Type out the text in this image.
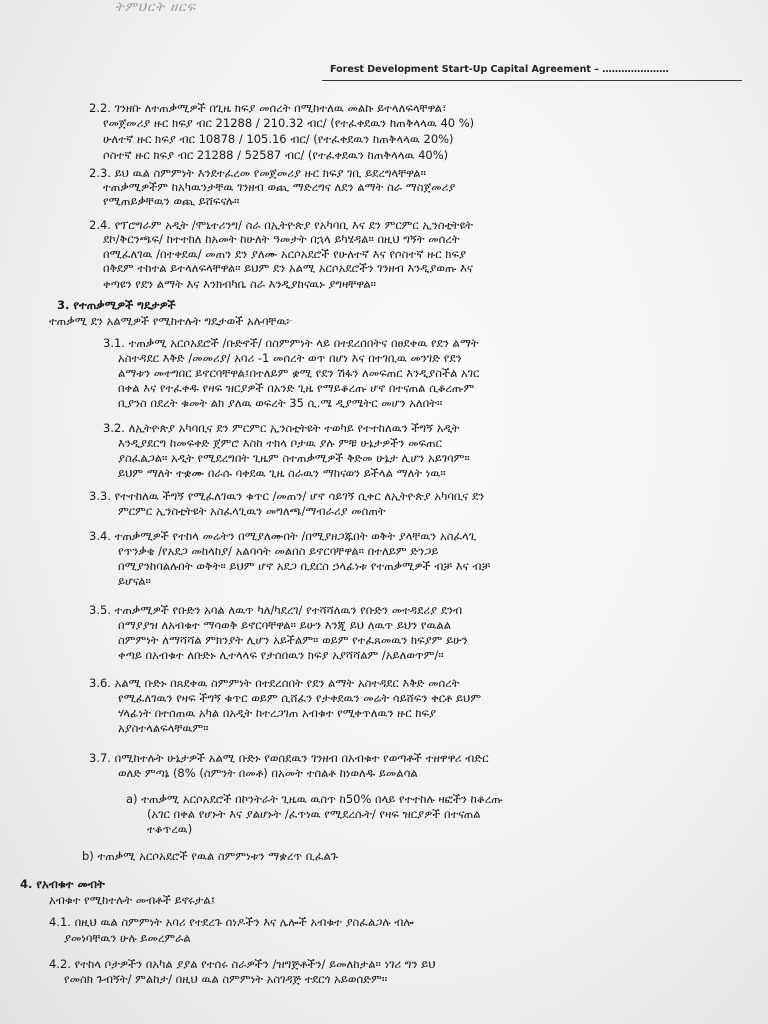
ትምህርት ዘርፍ
Forest Development Start-Up Capital Agreement – …………………
2.2. ገንዘቡ ለተጠቃሚዎች በጊዜ ክፍያ መሰረት በሚከተለዉ መልኩ ይተላለፍላቸዋል፣
የመጀመሪያ ዙር ክፍያ ብር 21288 / 210.32 ብር/ (የተፈቀደዉን ከጠቅላላዉ 40 %)
ሁለተኛ ዙር ክፍያ ብር 10878 / 105.16 ብር/ (የተፈቀደዉን ከጠቅላላዉ 20%)
ሶስተኛ ዙር ክፍያ ብር 21288 / 52587 ብር/ (የተፈቀደዉን ከጠቅላላዉ 40%)
2.3. ይህ ዉል ስምምነት እንደተፈረመ የመጀመሪያ ዙር ክፍያ ገቢ ይደረግላቸዋል።
ተጠቃሚዎችም ከአካዉንታቸዉ ገንዘብ ወጪ ማድረግና ለደን ልማት ስራ ማስጀመሪያ
የሚጠይቃቸዉን ወጪ ይሸፍናሉ።
2.4. የፕሮግራም አዲት /ሞኒተሪንግ/ ስራ በኢትዮጵያ የአካባቢ እና ደን ምርምር ኢንስቲትዩት
ደኮ/ቅርንጫፍ/ ከተተከለ ከአመት ከሁለት ዓመታት በኋላ ይካሄዳል። በዚህ ግኝት መሰረት
በሚፈለገዉ /በተቀደዉ/ መጠን ደን ያለሙ አርሶአደሮች የሁለተኛ እና የሶስተኛ ዙር ክፍያ
በቅደም ተከተል ይተላለፍላቸዋል። ይህም ደን አልሚ አርሶአደሮችን ገንዘብ እንዲያወጡ እና
ቀጣዩን የደን ልማት እና እንክብካቤ ስራ እንዲያከናዉኑ ያግዛቸዋል።
3. የተጠቃሚዎች ግዴታዎች
ተጠቃሚ ደን አልሚዎች የሚከተሉት ግዴታወች አሉባቸዉ፦
3.1. ተጠቃሚ አርሶአደሮች /ቡድኖች/ በስምምነት ላይ በተደረሰበትና በፀደቀዉ የደን ልማት
አስተዳደር እቅድ /መመሪያ/ አባሪ -1 መሰረት ወጥ በሆነ እና በተገቢዉ መንገድ የደን
ልማቱን መተግበር ይኖርባቸዋል፤በተለይም ቋሚ የደን ሽፋን ለመፍጠር እንዲያስችል አገር
በቀል እና የተፈቀዱ የዛፍ ዝርያዎች በአንድ ጊዜ የማይቆረጡ ሆኖ በተናጠል ሲቆረጡም
ቢያንስ በደረት ቁመት ልክ ያለዉ ወፍረት 35 ሲ.ሜ ዲያሜትር መሆን አለበት።
3.2. ለኢትዮጵያ አካባቢና ደን ምርምር ኢንስቲትዩት ተወካይ የተተከለዉን ችግኝ አዲት
እንዲያደርግ ከመፍቀድ ጀምሮ እስከ ተክላ ቦታዉ ያሉ ምቹ ሁኔታዎችን መፍጠር
ያስፈልጋል። አዲት የሚደረግበት ጊዜም ስተጠቃሚዎች ቅድመ ሁኔታ ሊሆን አይገባም።
ይህም ማለት ተቋሙ በራሱ ባቀደዉ ጊዜ ስራዉን ማከናወን ይችላል ማለት ነዉ።
3.3. የተተከለዉ ችግኝ የሚፈለገዉን ቁጥር /መጠን/ ሆኖ ሳይገኝ ሲቀር ለኢትዮጵያ አካባቢና ደን
ምርምር ኢንስቲትዩት አስፈላጊዉን መግለጫ/ማብራሪያ መስጠት
3.4. ተጠቃሚዎች የተከላ መሬትን በሚያለሙበት /በሚያዘጋጁበት ወቅት ያላቸዉን አስፈላጊ
የጥንቃቄ /የአደጋ መከላከያ/ አልባሳት መልበስ ይኖርባቸዋል። በተለይም ድንጋይ
በሚያንከባልሉበት ወቅት። ይህም ሆኖ አደጋ ቢደርስ ኃላፊነቱ የተጠቃሚዎች ብቻ እና ብቻ
ይሆናል።
3.5. ተጠቃሚዎች የቡድን አባል ለዉጥ ካለ/ካደረገ/ የተሻሻለዉን የቡድን መተዳደሪያ ደንብ
በማያያዝ ለአብቁተ ማሳወቅ ይኖርባቸዋል። ይሁን እንጂ ይህ ለዉጥ ይህን የዉልል
ስምምነት ለማሻሻል ምክንያት ሊሆን አይችልም። ወይም የተፈጸመዉን ክፍያም ይሁን
ቀጣይ በአብቁተ ለቡድኑ ሊተላላፍ የታሰበዉን ክፍያ አያሻሻልም /አይለወጥም/።
3.6. አልሚ ቡድኑ በጸደቀዉ ስምምነት በተደረሰበት የደን ልማት አስተዳደር እቅድ መሰረት
የሚፈለገዉን የዛፍ ችግኝ ቁጥር ወይም ሲሸፈን የታቀደዉን መሬት ሳይሸፍን ቀርቶ ይህም
ሃላፊነት በተሰጠዉ አካል በአዲት ከተረጋገጠ አብቁተ የሚቀጥለዉን ዙር ክፍያ
አያስተላልፍላቸዉም።
3.7. በሚከተሉት ሁኔታዎች አልሚ ቡድኑ የወሰደዉን ገንዘብ በአብቁተ የወጣቶች ተዘዋዋሪ ብድር
ወለድ ምጣኔ (8% (ስምንት በመቶ) በአመት ተሰልቶ ከነወለዱ ይመልሳል
a) ተጠቃሚ አርሶአደሮች በኮንትራት ጊዜዉ ዉስጥ ከ50% በላይ የተተከሉ ዛፎችን ከቆረጡ
(አገር በቀል የሆኑት እና ያልሆኑት /ፈጥነዉ የሚደረሱት/ የዛፍ ዝርያዎች በተናጠል
ተቆጥረዉ)
b) ተጠቃሚ አርሶአደሮች የዉል ስምምነቱን ማቋረጥ ቢፈልጉ
4. የአብቁተ መብት
አብቁተ የሚከተሉት መብቶች ይኖሩታል፤
4.1. በዚህ ዉል ስምምነት አባሪ የተደረጉ ሰነዶችን እና ሌሎች አብቁተ ያስፈልጋሉ ብሎ
ያመነባቸዉን ሁሉ ይመረምራል
4.2. የተከላ ቦታዎችን በአካል ያያል የተሰሩ ስራዎችን /ዝግጅቶችን/ ይመለከታል። ነገሪ ግን ይህ
የመስክ ጉብኝት/ ምልከታ/ በዚህ ዉል ስምምነት አስገዳጅ ተደርጎ አይወሰድም።
